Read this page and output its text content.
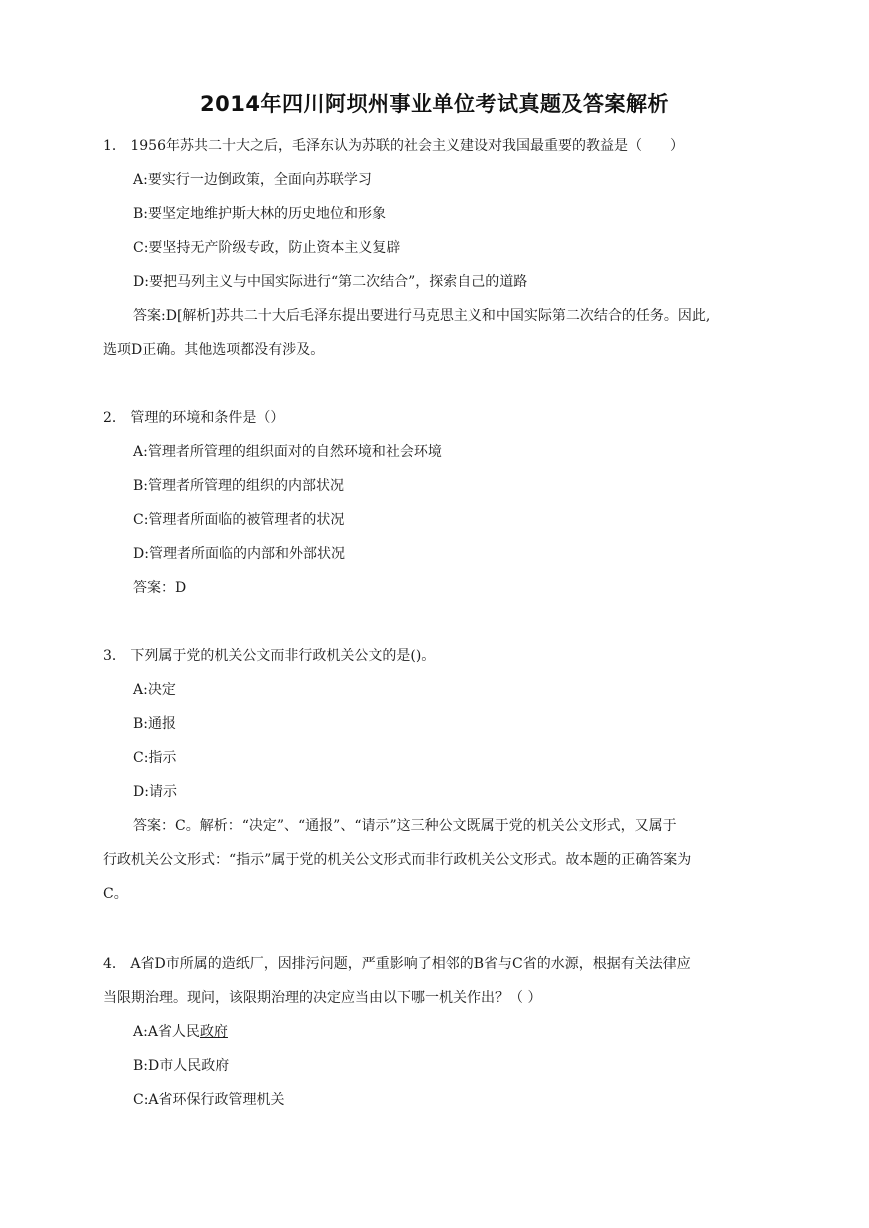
2014年四川阿坝州事业单位考试真题及答案解析
1． 1956年苏共二十大之后，毛泽东认为苏联的社会主义建设对我国最重要的教益是（　　）
A:要实行一边倒政策，全面向苏联学习
B:要坚定地维护斯大林的历史地位和形象
C:要坚持无产阶级专政，防止资本主义复辟
D:要把马列主义与中国实际进行“第二次结合”，探索自己的道路
答案:D[解析]苏共二十大后毛泽东提出要进行马克思主义和中国实际第二次结合的任务。因此,
选项D正确。其他选项都没有涉及。
2． 管理的环境和条件是（）
A:管理者所管理的组织面对的自然环境和社会环境
B:管理者所管理的组织的内部状况
C:管理者所面临的被管理者的状况
D:管理者所面临的内部和外部状况
答案：D
3． 下列属于党的机关公文而非行政机关公文的是()。
A:决定
B:通报
C:指示
D:请示
答案：C。解析：“决定”、“通报”、“请示”这三种公文既属于党的机关公文形式，又属于
行政机关公文形式：“指示”属于党的机关公文形式而非行政机关公文形式。故本题的正确答案为
C。
4． A省D市所属的造纸厂，因排污问题，严重影响了相邻的B省与C省的水源，根据有关法律应
当限期治理。现问，该限期治理的决定应当由以下哪一机关作出？（ ）
A:A省人民政府
B:D市人民政府
C:A省环保行政管理机关
